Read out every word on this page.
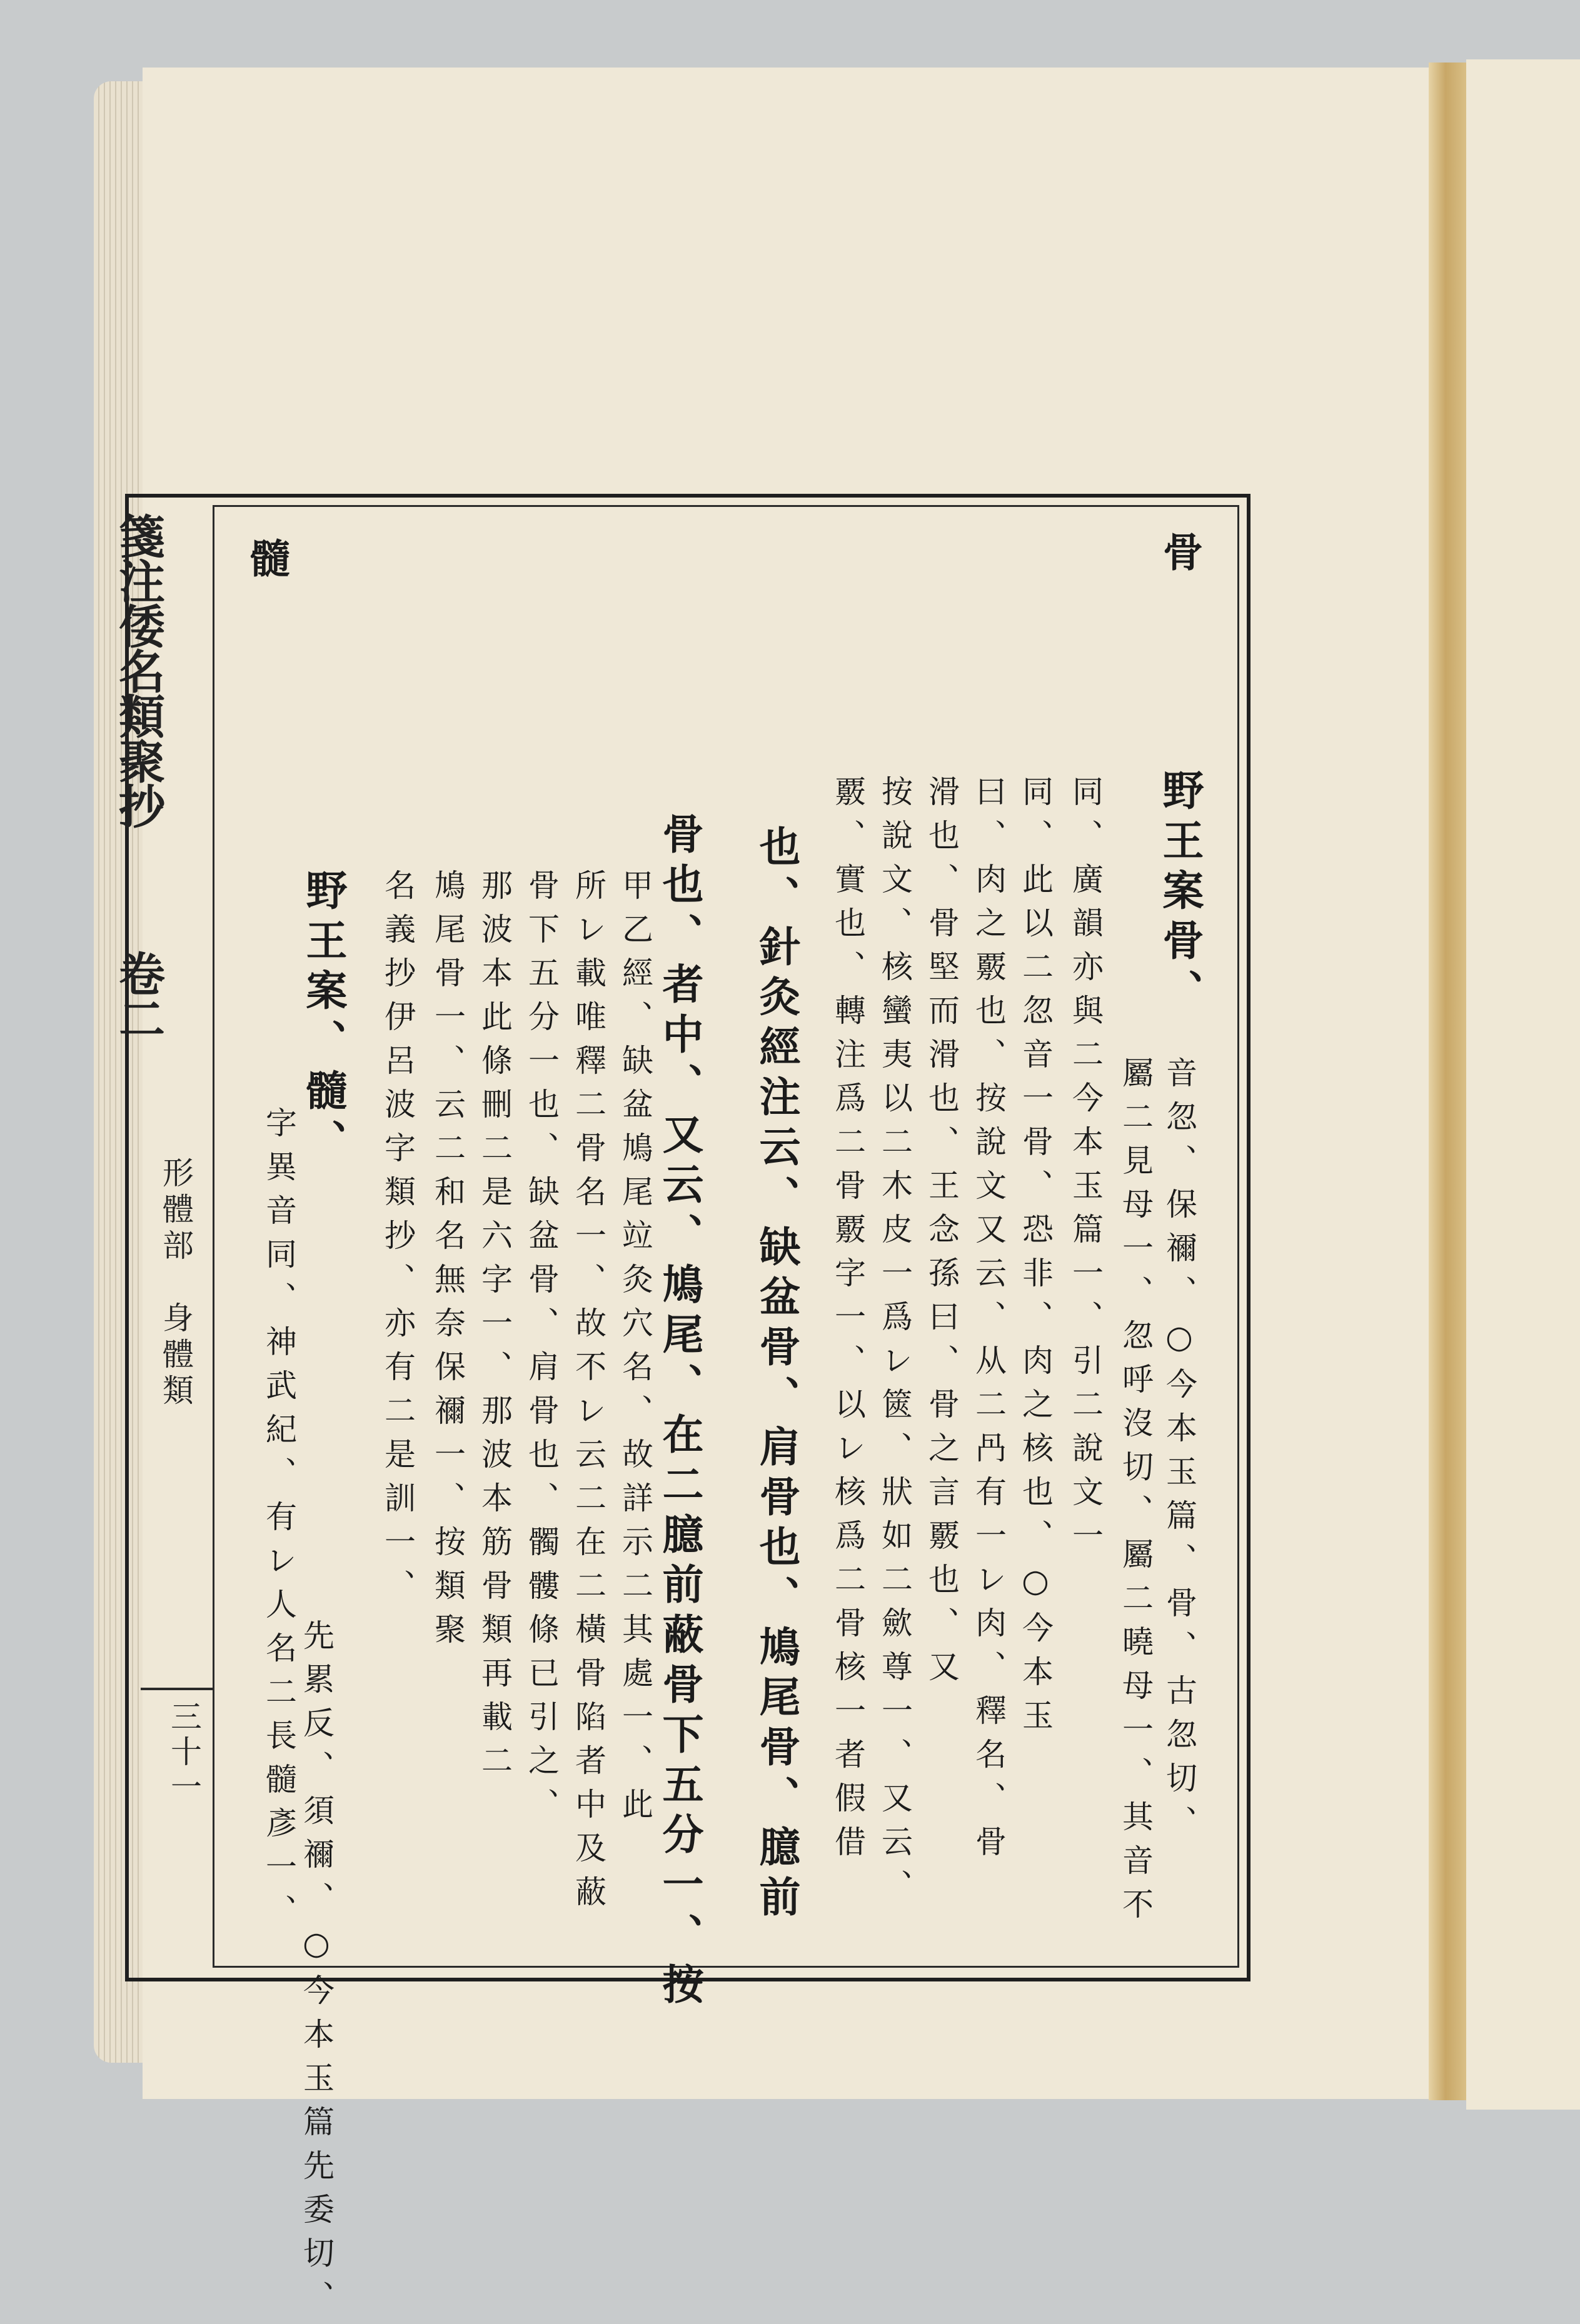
箋注倭名類聚抄
卷二
形體部　身體類
三十一
骨
髓
野王案骨、
音忽、保禰、○今本玉篇、骨、古忽切、
屬二見母一、忽呼沒切、屬二曉母一、其音不
同、廣韻亦與二今本玉篇一、引二說文一
同、此以二忽音一骨、恐非、肉之核也、○今本玉
曰、肉之覈也、按說文又云、从二冎有一レ肉、釋名、骨
滑也、骨堅而滑也、王念孫曰、骨之言覈也、又
按說文、核蠻夷以二木皮一爲レ篋、狀如二歛尊一、又云、
覈、實也、轉注爲二骨覈字一、以レ核爲二骨核一者假借
也、針灸經注云、缺盆骨、肩骨也、鳩尾骨、臆前
骨也、者中、又云、鳩尾、在二臆前蔽骨下五分一、按
甲乙經、缺盆鳩尾竝灸穴名、故詳示二其處一、此
所レ載唯釋二骨名一、故不レ云二在二橫骨陷者中及蔽
骨下五分一也、缺盆骨、肩骨也、髑髏條已引之、
那波本此條刪二是六字一、那波本筋骨類再載二
鳩尾骨一、云二和名無奈保禰一、按類聚
名義抄伊呂波字類抄、亦有二是訓一、
野王案、髓、
字異音同、神武紀、有レ人名二長髓彥一、
先累反、須禰、○今本玉篇先委切、
